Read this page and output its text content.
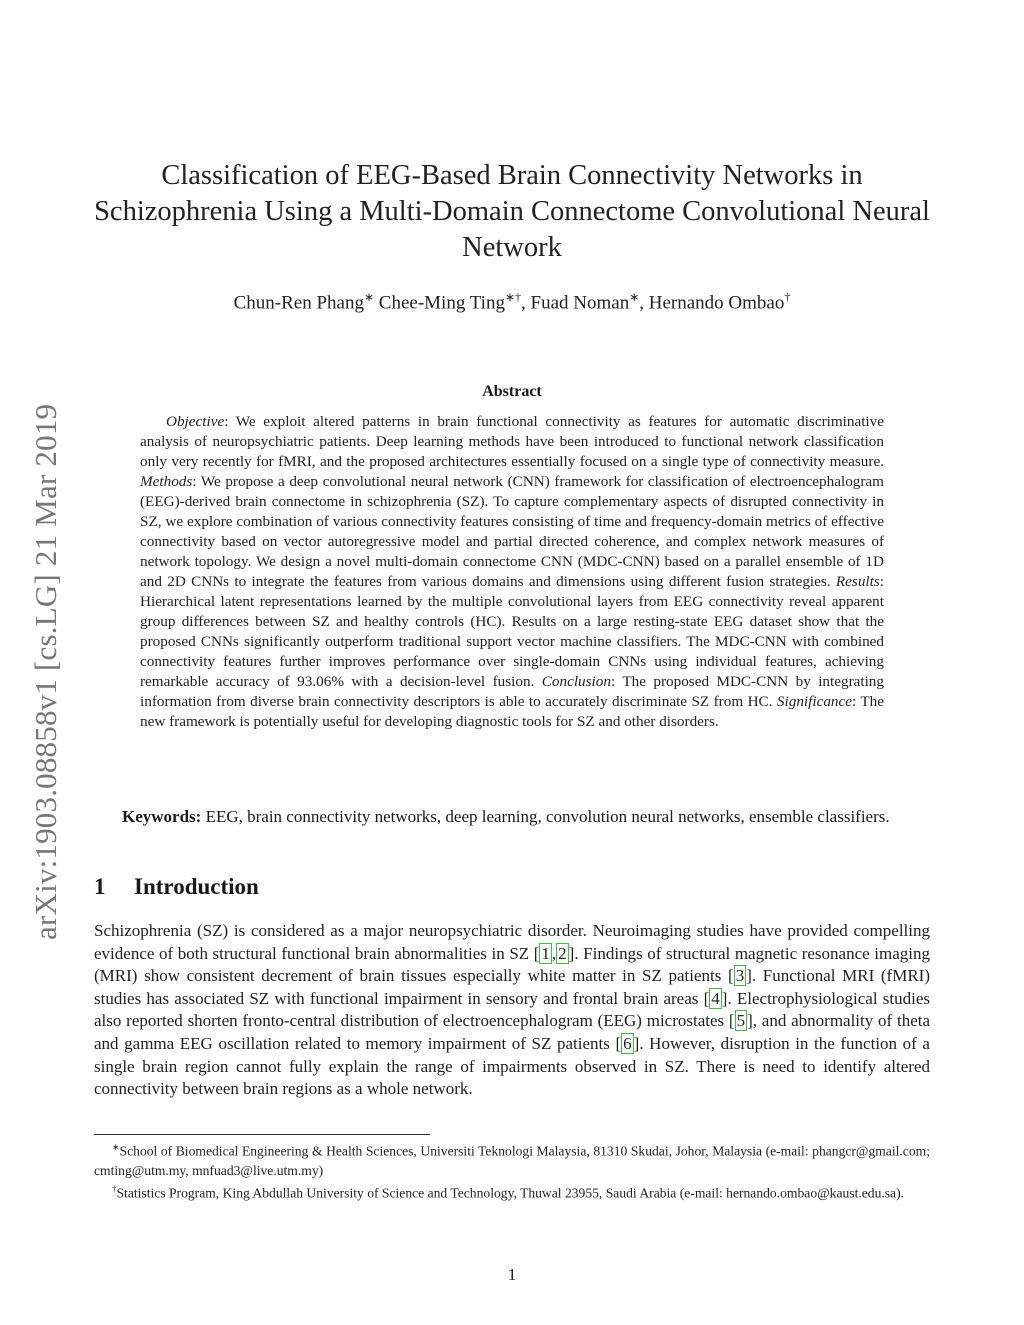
arXiv:1903.08858v1 [cs.LG] 21 Mar 2019
Classification of EEG-Based Brain Connectivity Networks in
Schizophrenia Using a Multi-Domain Connectome Convolutional Neural
Network
Chun-Ren Phang∗ Chee-Ming Ting∗†, Fuad Noman∗, Hernando Ombao†
Abstract

Objective: We exploit altered patterns in brain functional connectivity as features for automatic discriminative analysis of neuropsychiatric patients. Deep learning methods have been introduced to functional network classification only very recently for fMRI, and the proposed architectures essentially focused on a single type of connectivity measure. Methods: We propose a deep convolutional neural network (CNN) framework for classification of electroencephalogram (EEG)-derived brain connectome in schizophrenia (SZ). To capture complementary aspects of disrupted connectivity in SZ, we explore combination of various connectivity features consisting of time and frequency-domain metrics of effective connectivity based on vector autoregressive model and partial directed coherence, and complex network measures of network topology. We design a novel multi-domain connectome CNN (MDC-CNN) based on a parallel ensemble of 1D and 2D CNNs to integrate the features from various domains and dimensions using different fusion strategies. Results: Hierarchical latent representations learned by the multiple convolutional layers from EEG connectivity reveal apparent group differences between SZ and healthy controls (HC). Results on a large resting-state EEG dataset show that the proposed CNNs significantly outperform traditional support vector machine classifiers. The MDC-CNN with combined connectivity features further improves performance over single-domain CNNs using individual features, achieving remarkable accuracy of 93.06% with a decision-level fusion. Conclusion: The proposed MDC-CNN by integrating information from diverse brain connectivity descriptors is able to accurately discriminate SZ from HC. Significance: The new framework is potentially useful for developing diagnostic tools for SZ and other disorders.

Keywords: EEG, brain connectivity networks, deep learning, convolution neural networks, ensemble classifiers.
1 Introduction

Schizophrenia (SZ) is considered as a major neuropsychiatric disorder. Neuroimaging studies have provided compelling evidence of both structural functional brain abnormalities in SZ [ 1 , 2 ]. Findings of structural magnetic resonance imaging (MRI) show consistent decrement of brain tissues especially white matter in SZ patients [ 3 ]. Functional MRI (fMRI) studies has associated SZ with functional impairment in sensory and frontal brain areas [ 4 ]. Electrophysiological studies also reported shorten fronto-central distribution of electroencephalogram (EEG) microstates [ 5 ], and abnormality of theta and gamma EEG oscillation related to memory impairment of SZ patients [ 6 ]. However, disruption in the function of a single brain region cannot fully explain the range of impairments observed in SZ. There is need to identify altered connectivity between brain regions as a whole network.

∗School of Biomedical Engineering & Health Sciences, Universiti Teknologi Malaysia, 81310 Skudai, Johor, Malaysia (e-mail: phangcr@gmail.com; cmting@utm.my, mnfuad3@live.utm.my)

†Statistics Program, King Abdullah University of Science and Technology, Thuwal 23955, Saudi Arabia (e-mail: hernando.ombao@kaust.edu.sa).

1
